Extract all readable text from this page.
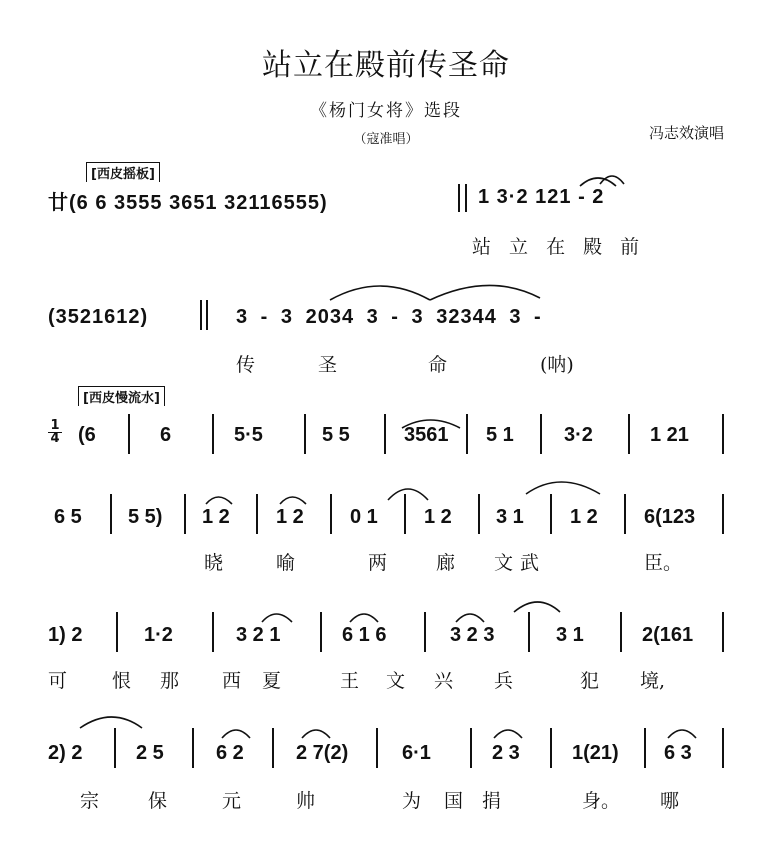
站立在殿前传圣命
《杨门女将》选段
（寇准唱）	冯志效演唱
[西皮摇板]
廿(6 6 3555 3651 32116555)	1 3·2 121 - 2
站 立 在 殿 前
(3521612)	3 - 3 2034 3 - 3 32344 3 -
传	圣	命	(呐)
[西皮慢流水]
$\frac{1}{4} (6$	6	5·5	5 5	3561 5 1	3·2	1 21
6 5 5 5) 1 2 1 2 0 1 1 2 3 1 1 2 6(123
晓	喻	两	廊 文 武	臣。
1) 2	1·2	3 2 1	6 1 6	3 2 3	3 1	2(161
可 恨 那 西 夏	王 文 兴 兵	犯 境,
2) 2	2 5	6 2	2 7(2)	6·1	2 3	1(21) 6 3
宗	保	元	帅	为 国 捐	身。 哪
